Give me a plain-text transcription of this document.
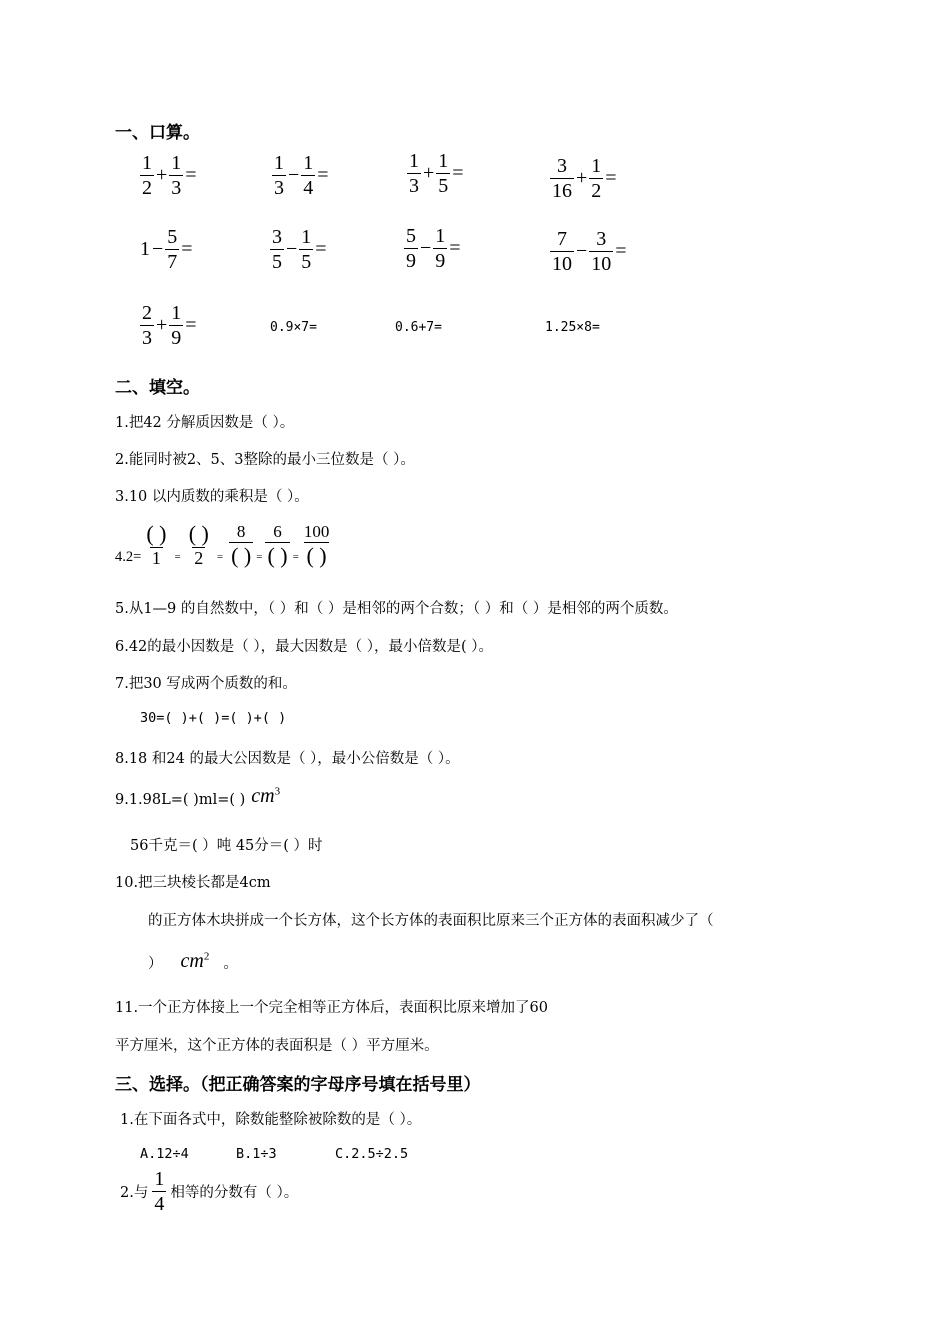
一、口算。
$\frac{1}{2} + \frac{1}{3}$ =	$\frac{1}{3} - \frac{1}{4}$ =	$\frac{1}{3} + \frac{1}{5}$ =	$\frac{3}{16} + \frac{1}{2}$ =
$1 - \frac{5}{7}$ =	$\frac{3}{5} - \frac{1}{5}$ =	$\frac{5}{9} - \frac{1}{9}$ =	$\frac{7}{10} - \frac{3}{10}$ =
$\frac{2}{3} + \frac{1}{9}$ =	0.9×7=	0.6+7=	1.25×8=
二、填空。
1.把42 分解质因数是（ ）。
2.能同时被2、5、3整除的最小三位数是（ ）。
3.10 以内质数的乘积是（ ）。
$4.2= \frac{( )}{1} = \frac{( )}{2} = \frac{8}{( )} = \frac{6}{( )} = \frac{100}{( )}$
5.从1—9 的自然数中，（ ）和（ ）是相邻的两个合数；（ ）和（ ）是相邻的两个质数。
6.42的最小因数是（ ），最大因数是（ ），最小倍数是( ）。
7.把30 写成两个质数的和。
30=( )+( )=( )+( )
8.18 和24 的最大公因数是（ ），最小公倍数是（ ）。
9.1.98L=( )ml=( ) $cm^3$
56千克＝( ）吨 45分＝( ）时
10.把三块棱长都是4cm
的正方体木块拼成一个长方体，这个长方体的表面积比原来三个正方体的表面积减少了（
） $cm^2$ 。
11.一个正方体接上一个完全相等正方体后，表面积比原来增加了60
平方厘米，这个正方体的表面积是（ ）平方厘米。
三、选择。（把正确答案的字母序号填在括号里）
1.在下面各式中，除数能整除被除数的是（ ）。
A.12÷4	B.1÷3	C.2.5÷2.5
2.与 $\frac{1}{4}$ 相等的分数有（ ）。
